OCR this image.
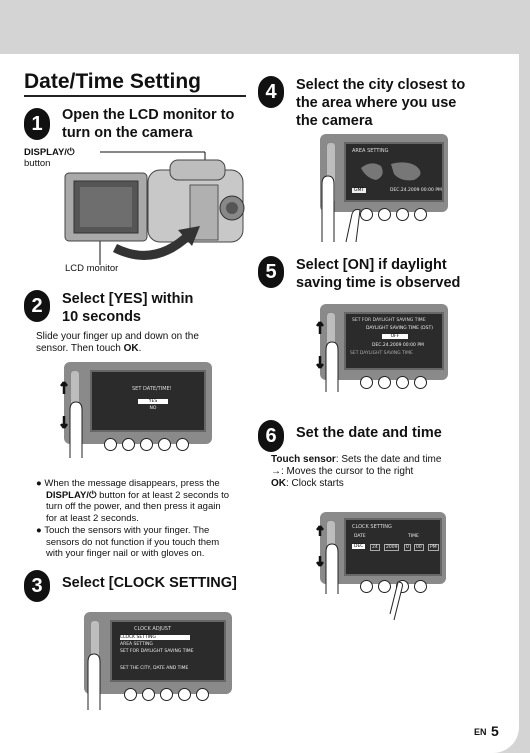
Date/Time Setting
1	Open the LCD monitor to
turn on the camera
DISPLAY/⏻
button
LCD monitor
2	Select [YES] within
10 seconds
Slide your finger up and down on the
sensor. Then touch OK.
SET DATE/TIME!
YES
NO
● When the message disappears, press the
DISPLAY/⏻ button for at least 2 seconds to
turn off the power, and then press it again
for at least 2 seconds.
● Touch the sensors with your finger. The
sensors do not function if you touch them
with your finger nail or with gloves on.
3	Select [CLOCK SETTING]
CLOCK ADJUST
CLOCK SETTING
AREA SETTING
SET FOR DAYLIGHT SAVING TIME
SET THE CITY, DATE AND TIME
4	Select the city closest to
the area where you use
the camera
AREA SETTING
GMT	DEC.24.2009 00:00 PM
5	Select [ON] if daylight
saving time is observed
SET FOR DAYLIGHT SAVING TIME
DAYLIGHT SAVING TIME (DST)
OFF
DEC.24.2009 00:00 PM
SET DAYLIGHT SAVING TIME
6	Set the date and time
Touch sensor: Sets the date and time
→: Moves the cursor to the right
OK: Clock starts
CLOCK SETTING
DATE	TIME
DEC	24	2009	0	00	PM
EN 5
